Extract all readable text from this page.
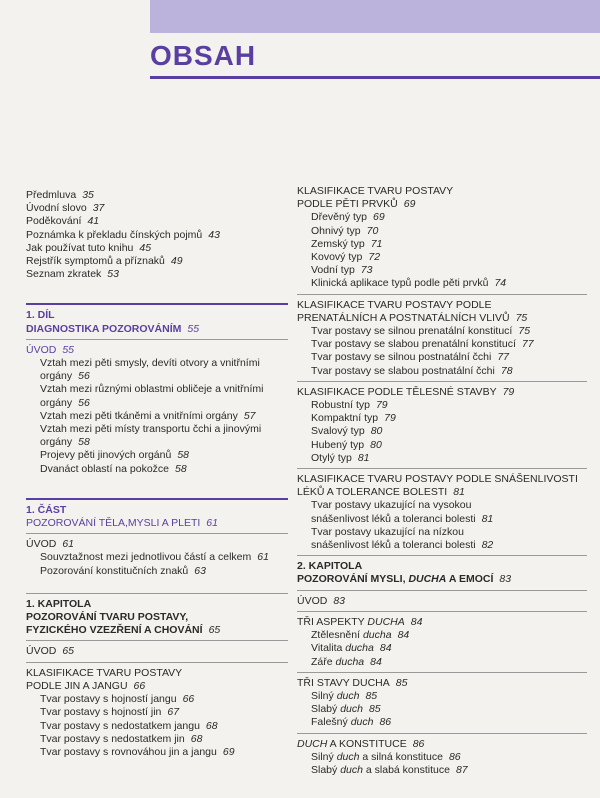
OBSAH
Předmluva 35
Úvodní slovo 37
Poděkování 41
Poznámka k překladu čínských pojmů 43
Jak používat tuto knihu 45
Rejstřík symptomů a příznaků 49
Seznam zkratek 53
1. DÍL
DIAGNOSTIKA POZOROVÁNÍM 55
ÚVOD 55
Vztah mezi pěti smysly, devíti otvory a vnitřními orgány 56
Vztah mezi různými oblastmi obličeje a vnitřními orgány 56
Vztah mezi pěti tkáněmi a vnitřními orgány 57
Vztah mezi pěti místy transportu čchi a jinovými orgány 58
Projevy pěti jinových orgánů 58
Dvanáct oblastí na pokožce 58
1. ČÁST
POZOROVÁNÍ TĚLA,MYSLI A PLETI 61
ÚVOD 61
Souvztažnost mezi jednotlivou částí a celkem 61
Pozorování konstitučních znaků 63
1. KAPITOLA
POZOROVÁNÍ TVARU POSTAVY, FYZICKÉHO VZEZŘENÍ A CHOVÁNÍ 65
ÚVOD 65
KLASIFIKACE TVARU POSTAVY PODLE JIN A JANGU 66
Tvar postavy s hojností jangu 66
Tvar postavy s hojností jin 67
Tvar postavy s nedostatkem jangu 68
Tvar postavy s nedostatkem jin 68
Tvar postavy s rovnováhou jin a jangu 69
KLASIFIKACE TVARU POSTAVY PODLE PĚTI PRVKŮ 69
Dřevěný typ 69
Ohnivý typ 70
Zemský typ 71
Kovový typ 72
Vodní typ 73
Klinická aplikace typů podle pěti prvků 74
KLASIFIKACE TVARU POSTAVY PODLE PRENATÁLNÍCH A POSTNATÁLNÍCH VLIVŮ 75
Tvar postavy se silnou prenatální konstitucí 75
Tvar postavy se slabou prenatální konstitucí 77
Tvar postavy se silnou postnatální čchi 77
Tvar postavy se slabou postnatální čchi 78
KLASIFIKACE PODLE TĚLESNÉ STAVBY 79
Robustní typ 79
Kompaktní typ 79
Svalový typ 80
Hubený typ 80
Otylý typ 81
KLASIFIKACE TVARU POSTAVY PODLE SNÁŠENLIVOSTI LÉKŮ A TOLERANCE BOLESTI 81
Tvar postavy ukazující na vysokou snášenlivost léků a toleranci bolesti 81
Tvar postavy ukazující na nízkou snášenlivost léků a toleranci bolesti 82
2. KAPITOLA
POZOROVÁNÍ MYSLI, DUCHA A EMOCÍ 83
ÚVOD 83
TŘI ASPEKTY DUCHA 84
Ztělesnění ducha 84
Vitalita ducha 84
Záře ducha 84
TŘI STAVY DUCHA 85
Silný duch 85
Slabý duch 85
Falešný duch 86
DUCH A KONSTITUCE 86
Silný duch a silná konstituce 86
Slabý duch a slabá konstituce 87
